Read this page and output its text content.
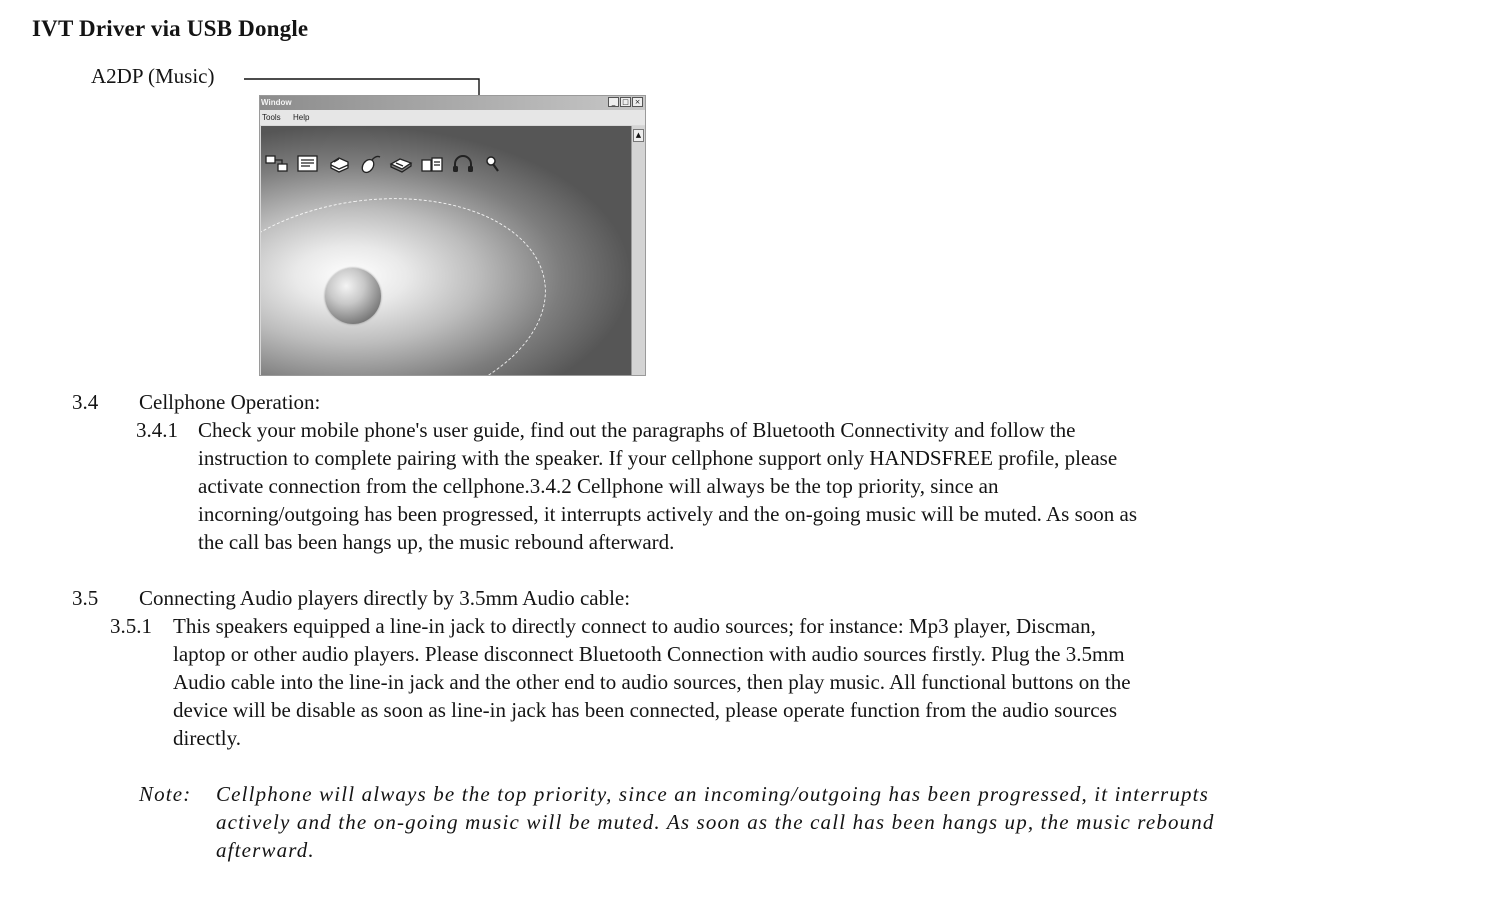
IVT Driver via USB Dongle
A2DP (Music)
Window	_ □ ×
Tools Help
▲
3.4 Cellphone Operation:
3.4.1 Check your mobile phone's user guide, find out the paragraphs of Bluetooth Connectivity and follow the
instruction to complete pairing with the speaker. If your cellphone support only HANDSFREE profile, please
activate connection from the cellphone.3.4.2 Cellphone will always be the top priority, since an
incorning/outgoing has been progressed, it interrupts actively and the on-going music will be muted. As soon as
the call bas been hangs up, the music rebound afterward.
3.5 Connecting Audio players directly by 3.5mm Audio cable:
3.5.1 This speakers equipped a line-in jack to directly connect to audio sources; for instance: Mp3 player, Discman,
laptop or other audio players. Please disconnect Bluetooth Connection with audio sources firstly. Plug the 3.5mm
Audio cable into the line-in jack and the other end to audio sources, then play music. All functional buttons on the
device will be disable as soon as line-in jack has been connected, please operate function from the audio sources
directly.
Note: Cellphone will always be the top priority, since an incoming/outgoing has been progressed, it interrupts
actively and the on-going music will be muted. As soon as the call has been hangs up, the music rebound
afterward.
